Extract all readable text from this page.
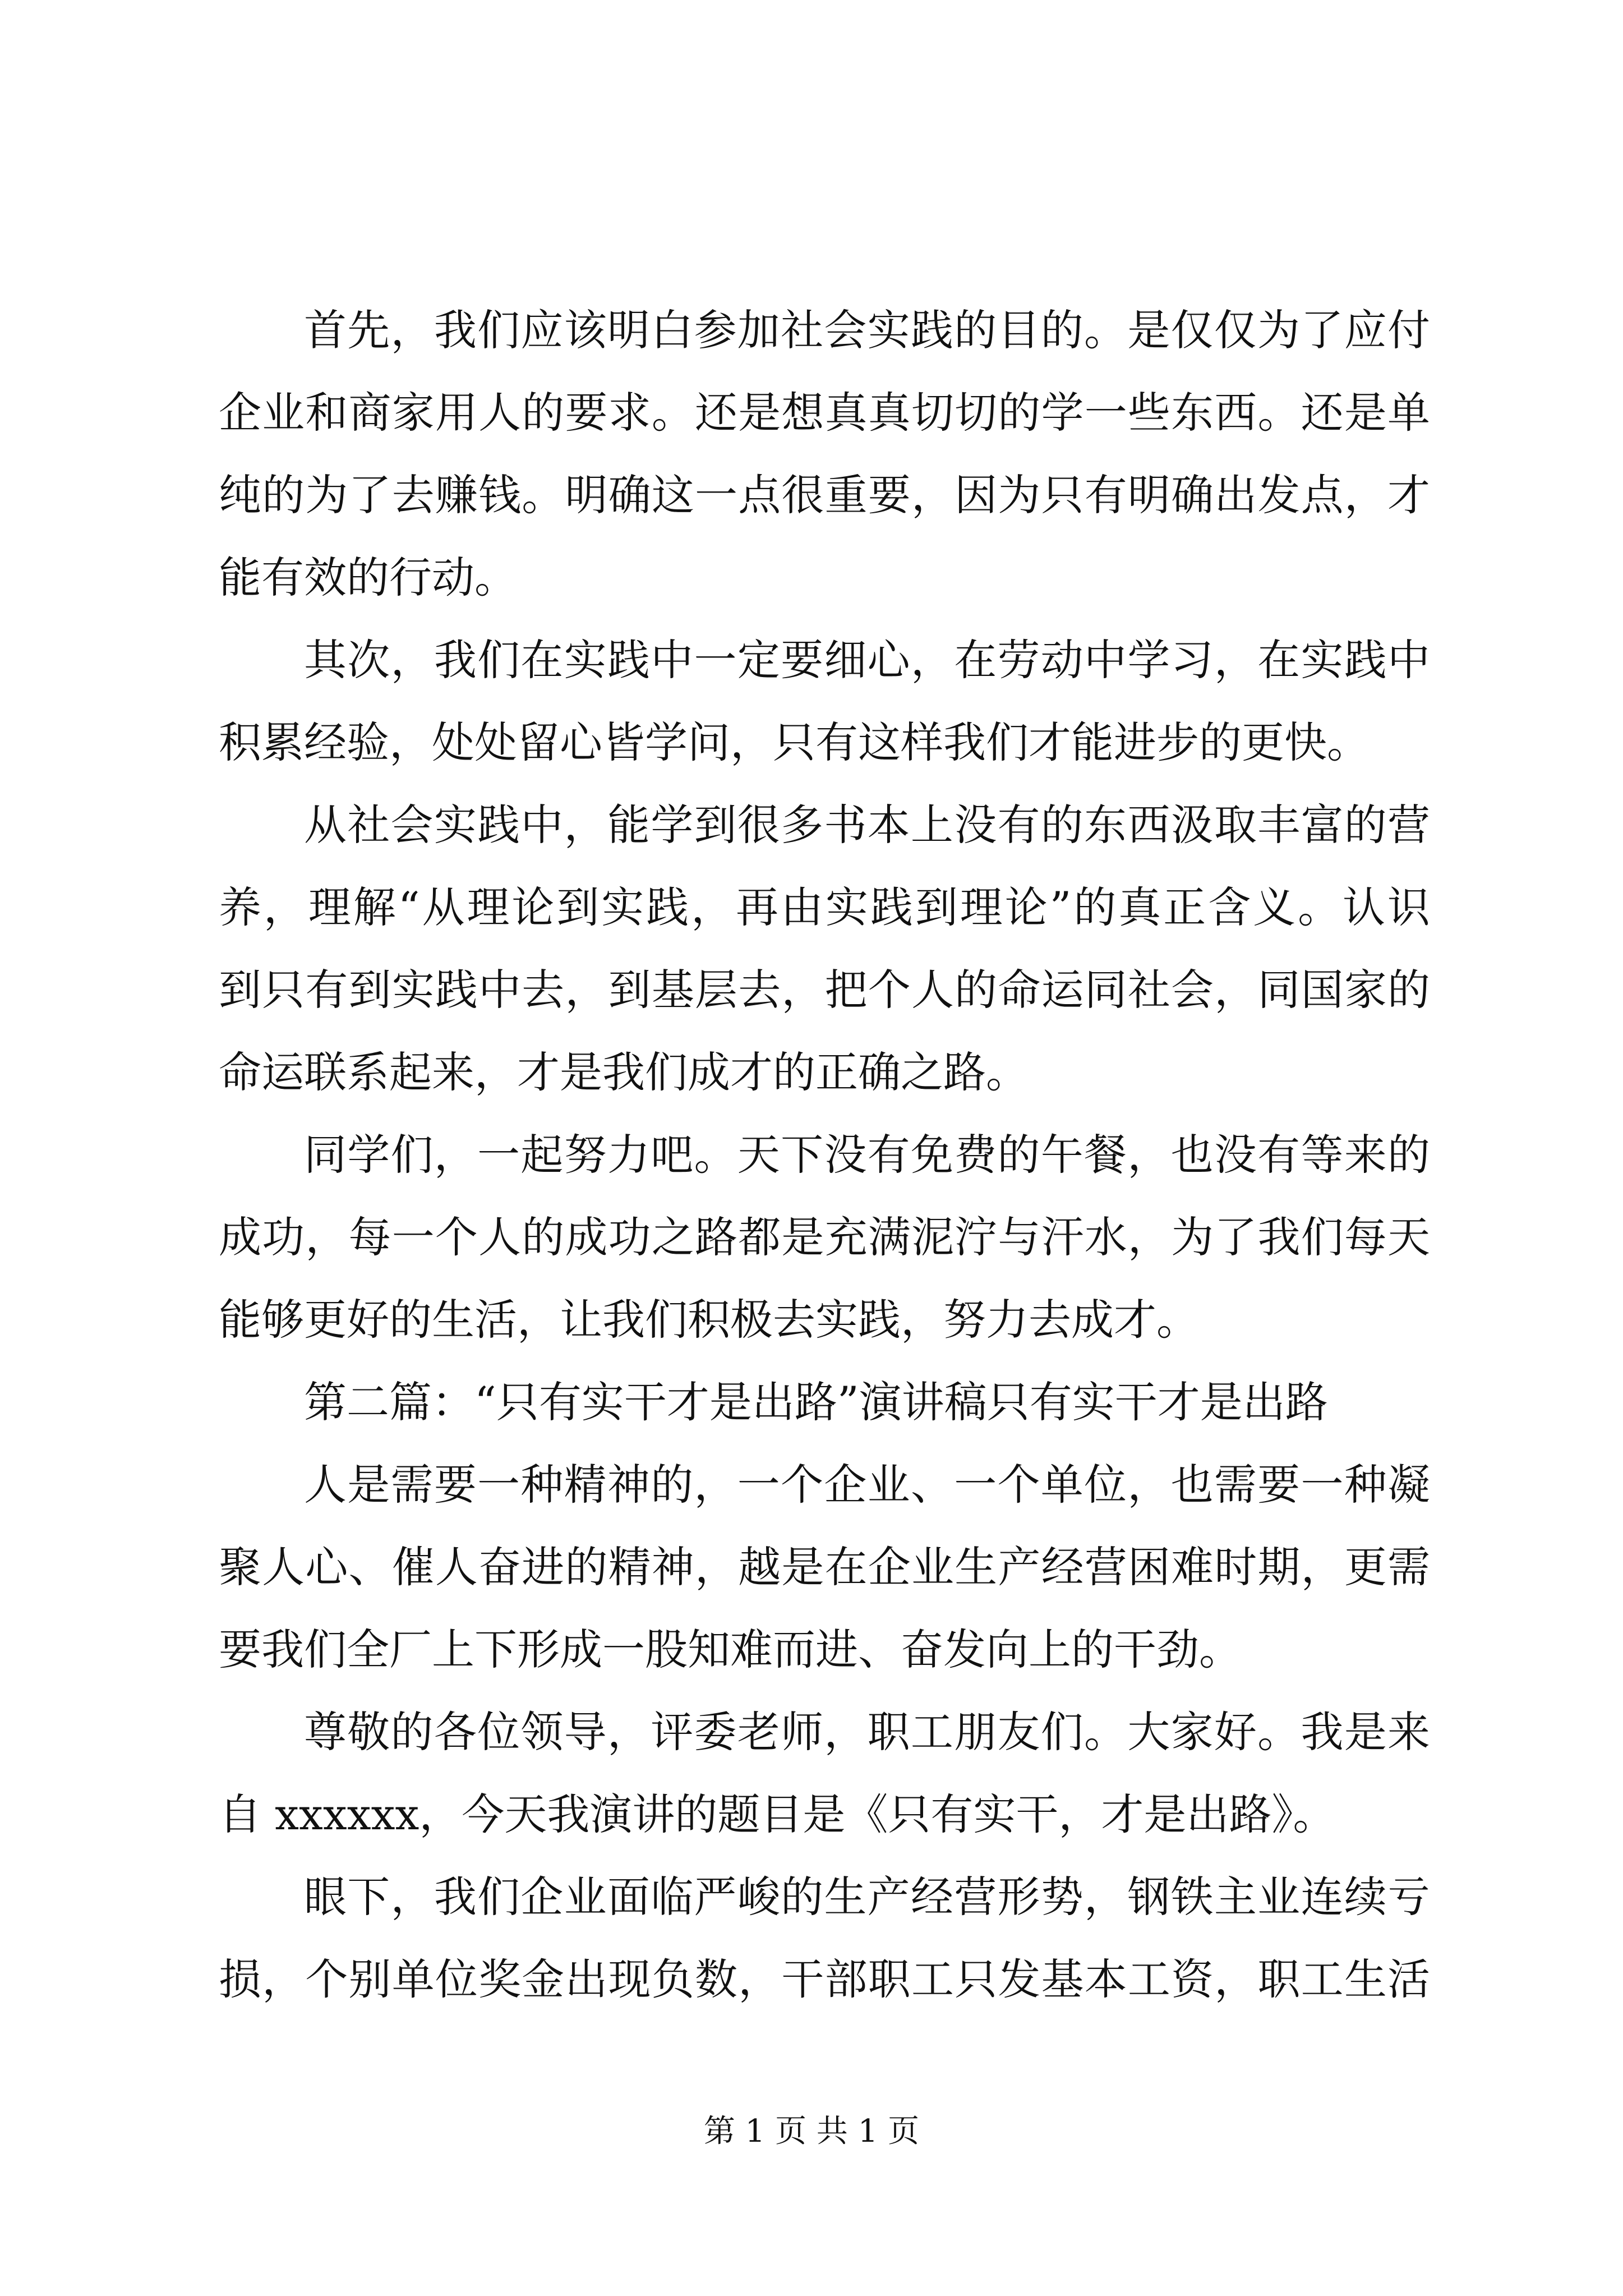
首先，我们应该明白参加社会实践的目的。是仅仅为了应付
企业和商家用人的要求。还是想真真切切的学一些东西。还是单
纯的为了去赚钱。明确这一点很重要，因为只有明确出发点，才
能有效的行动。
其次，我们在实践中一定要细心，在劳动中学习，在实践中
积累经验，处处留心皆学问，只有这样我们才能进步的更快。
从社会实践中，能学到很多书本上没有的东西汲取丰富的营
养，理解“从理论到实践，再由实践到理论”的真正含义。认识
到只有到实践中去，到基层去，把个人的命运同社会，同国家的
命运联系起来，才是我们成才的正确之路。
同学们，一起努力吧。天下没有免费的午餐，也没有等来的
成功，每一个人的成功之路都是充满泥泞与汗水，为了我们每天
能够更好的生活，让我们积极去实践，努力去成才。
第二篇：“只有实干才是出路”演讲稿只有实干才是出路
人是需要一种精神的，一个企业、一个单位，也需要一种凝
聚人心、催人奋进的精神，越是在企业生产经营困难时期，更需
要我们全厂上下形成一股知难而进、奋发向上的干劲。
尊敬的各位领导，评委老师，职工朋友们。大家好。我是来
自 xxxxxx，今天我演讲的题目是《只有实干，才是出路》。
眼下，我们企业面临严峻的生产经营形势，钢铁主业连续亏
损，个别单位奖金出现负数，干部职工只发基本工资，职工生活
第 1 页 共 1 页
